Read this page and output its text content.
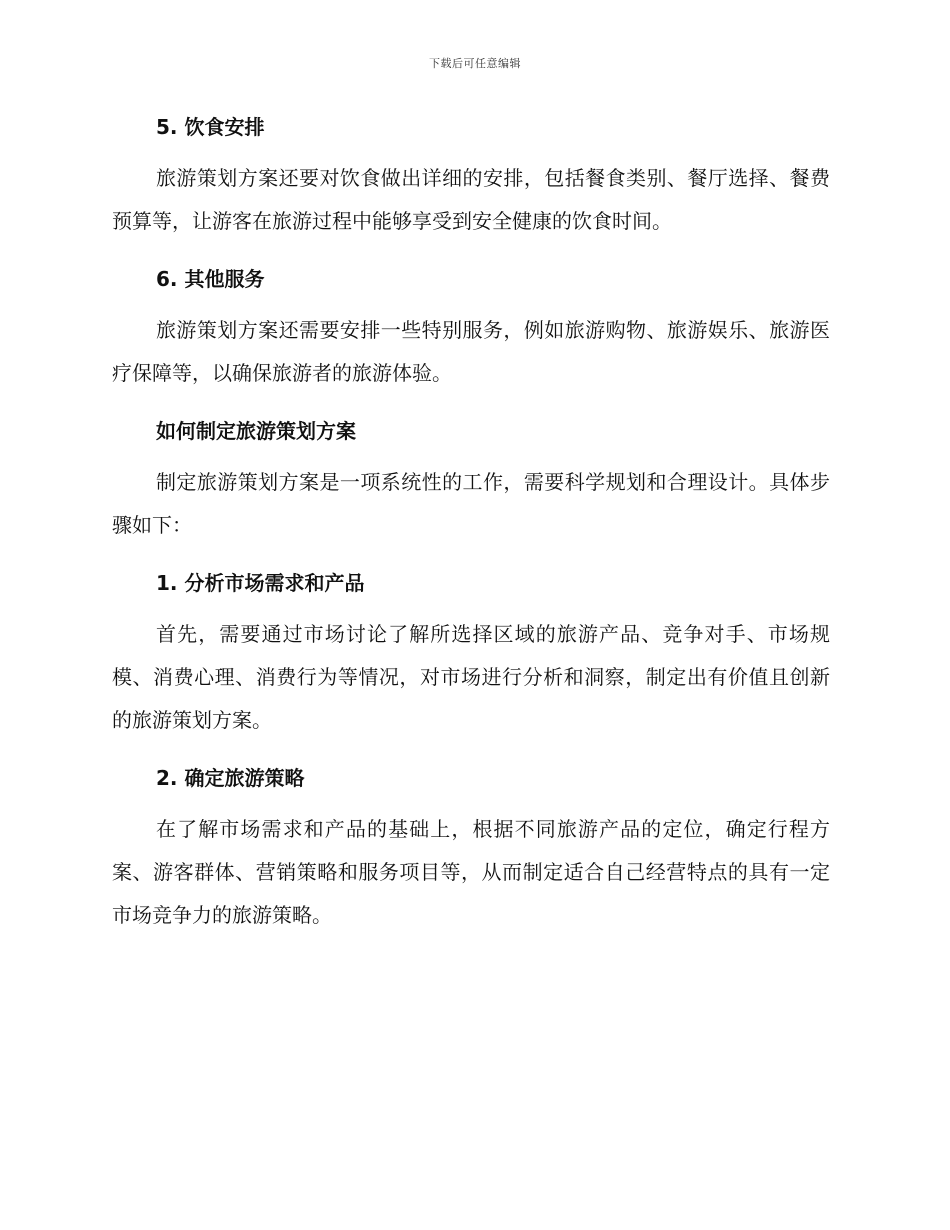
下载后可任意编辑
5. 饮食安排

旅游策划方案还要对饮食做出详细的安排，包括餐食类别、餐厅选择、餐费预算等，让游客在旅游过程中能够享受到安全健康的饮食时间。

6. 其他服务

旅游策划方案还需要安排一些特别服务，例如旅游购物、旅游娱乐、旅游医疗保障等，以确保旅游者的旅游体验。

如何制定旅游策划方案

制定旅游策划方案是一项系统性的工作，需要科学规划和合理设计。具体步骤如下：

1. 分析市场需求和产品

首先，需要通过市场讨论了解所选择区域的旅游产品、竞争对手、市场规模、消费心理、消费行为等情况，对市场进行分析和洞察，制定出有价值且创新的旅游策划方案。

2. 确定旅游策略

在了解市场需求和产品的基础上，根据不同旅游产品的定位，确定行程方案、游客群体、营销策略和服务项目等，从而制定适合自己经营特点的具有一定市场竞争力的旅游策略。
